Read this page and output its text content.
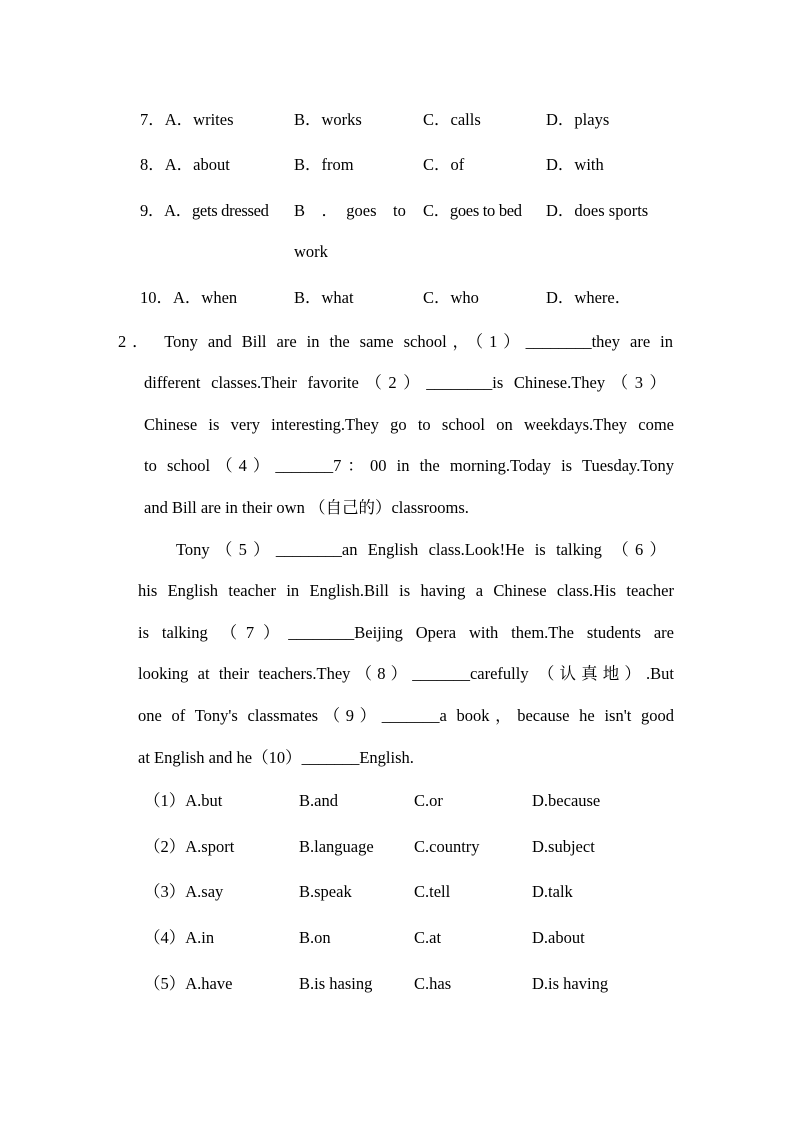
7．A．writes	B．works	C．calls	D．plays
8．A．about	B．from	C．of	D．with
9．A．gets dressed B　．　goes　to C．goes to bed D．does sports
work
10．A．when	B．what	C．who	D．where．
2． Tony and Bill are in the same school，（1）________they are in
different classes.Their favorite（2）________is Chinese.They（3）
Chinese is very interesting.They go to school on weekdays.They come
to school（4）_______7：00 in the morning.Today is Tuesday.Tony
and Bill are in their own （自己的）classrooms.
Tony（5）________an English class.Look!He is talking （6）
his English teacher in English.Bill is having a Chinese class.His teacher
is talking （7）________Beijing Opera with them.The students are
looking at their teachers.They（8）_______carefully （认真地）.But
one of Tony's classmates（9）_______a book，because he isn't good
at English and he（10）_______English.
（1）A.but	B.and	C.or	D.because
（2）A.sport	B.language C.country	D.subject
（3）A.say	B.speak	C.tell	D.talk
（4）A.in	B.on	C.at	D.about
（5）A.have	B.is hasing	C.has	D.is having
